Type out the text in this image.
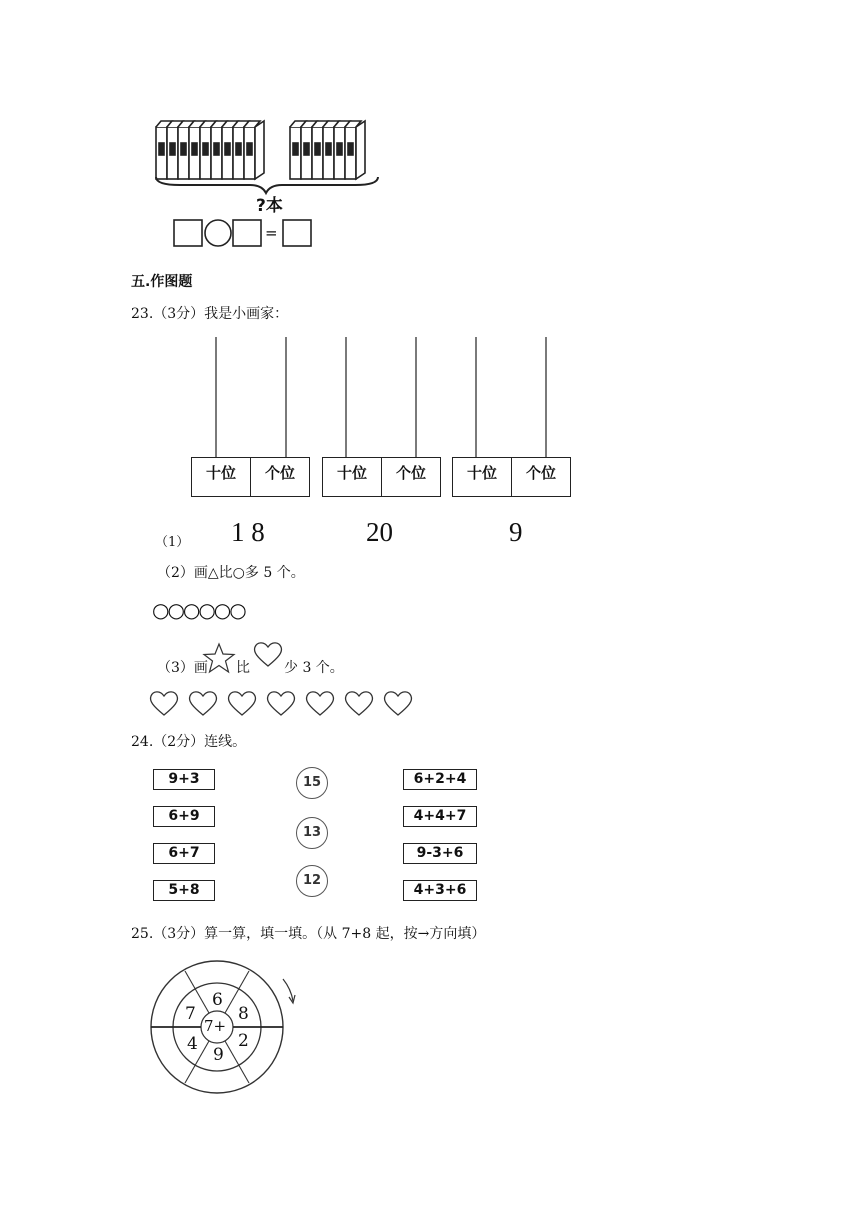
?本
=
五.作图题
23.（3分）我是小画家：
十位	个位	十位	个位	十位	个位
（1） 1 8	20	9
（2）画△比○多 5 个。
○○○○○○
（3）画 比 少 3 个。
24.（2分）连线。
9+3
6+9
6+7
5+8
15
13
12
6+2+4
4+4+7
9-3+6
4+3+6
25.（3分）算一算，填一填。（从 7+8 起，按→方向填）
7+
6
8
2
9
4
7
